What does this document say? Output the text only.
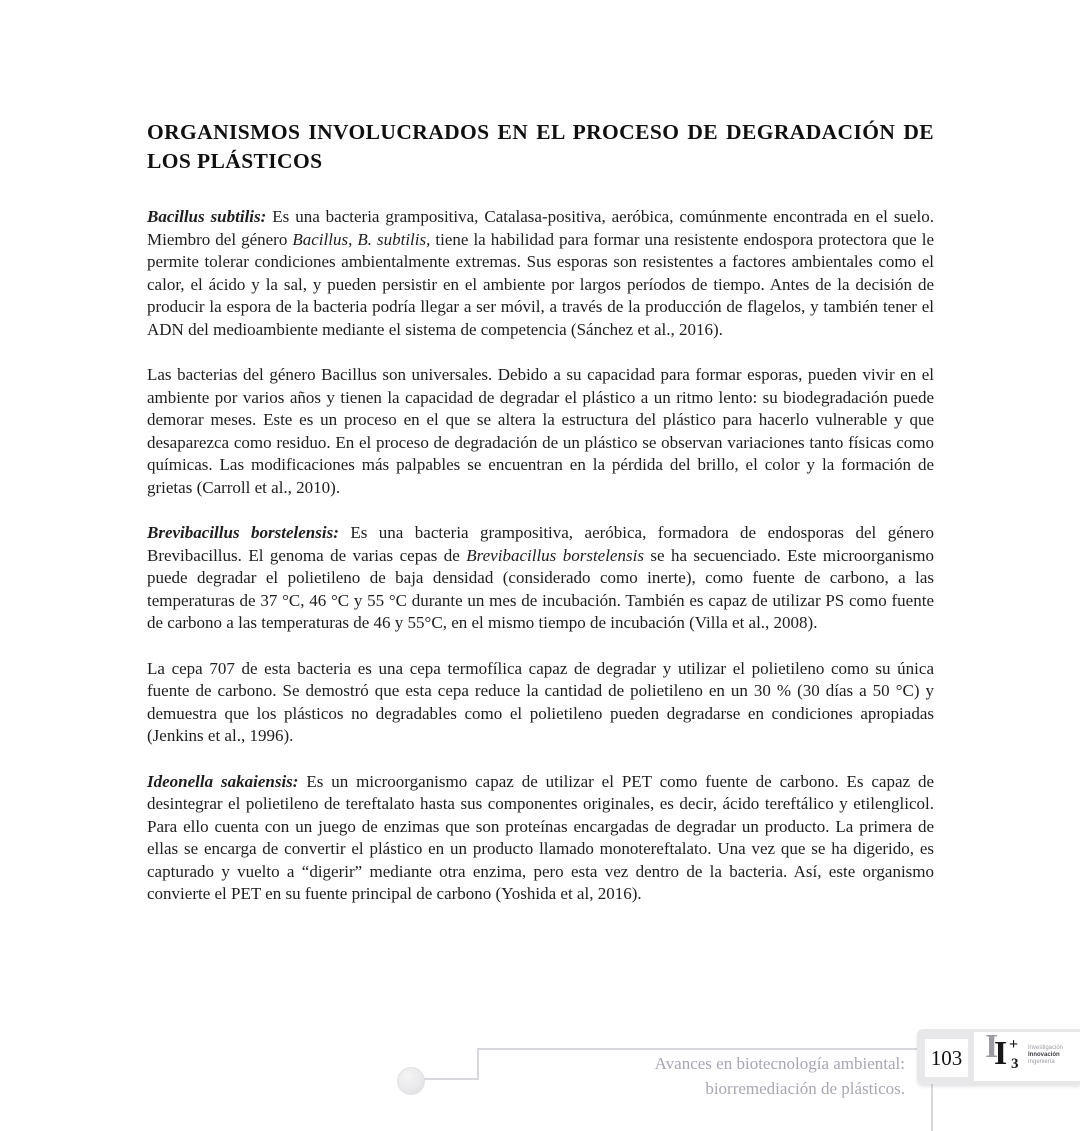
ORGANISMOS INVOLUCRADOS EN EL PROCESO DE DEGRADACIÓN DE LOS PLÁSTICOS

Bacillus subtilis: Es una bacteria grampositiva, Catalasa-positiva, aeróbica, comúnmente encontrada en el suelo. Miembro del género Bacillus, B. subtilis, tiene la habilidad para formar una resistente endospora protectora que le permite tolerar condiciones ambientalmente extremas. Sus esporas son resistentes a factores ambientales como el calor, el ácido y la sal, y pueden persistir en el ambiente por largos períodos de tiempo. Antes de la decisión de producir la espora de la bacteria podría llegar a ser móvil, a través de la producción de flagelos, y también tener el ADN del medioambiente mediante el sistema de competencia (Sánchez et al., 2016).

Las bacterias del género Bacillus son universales. Debido a su capacidad para formar esporas, pueden vivir en el ambiente por varios años y tienen la capacidad de degradar el plástico a un ritmo lento: su biodegradación puede demorar meses. Este es un proceso en el que se altera la estructura del plástico para hacerlo vulnerable y que desaparezca como residuo. En el proceso de degradación de un plástico se observan variaciones tanto físicas como químicas. Las modificaciones más palpables se encuentran en la pérdida del brillo, el color y la formación de grietas (Carroll et al., 2010).

Brevibacillus borstelensis: Es una bacteria grampositiva, aeróbica, formadora de endosporas del género Brevibacillus. El genoma de varias cepas de Brevibacillus borstelensis se ha secuenciado. Este microorganismo puede degradar el polietileno de baja densidad (considerado como inerte), como fuente de carbono, a las temperaturas de 37 °C, 46 °C y 55 °C durante un mes de incubación. También es capaz de utilizar PS como fuente de carbono a las temperaturas de 46 y 55°C, en el mismo tiempo de incubación (Villa et al., 2008).

La cepa 707 de esta bacteria es una cepa termofílica capaz de degradar y utilizar el polietileno como su única fuente de carbono. Se demostró que esta cepa reduce la cantidad de polietileno en un 30 % (30 días a 50 °C) y demuestra que los plásticos no degradables como el polietileno pueden degradarse en condiciones apropiadas (Jenkins et al., 1996).

Ideonella sakaiensis: Es un microorganismo capaz de utilizar el PET como fuente de carbono. Es capaz de desintegrar el polietileno de tereftalato hasta sus componentes originales, es decir, ácido tereftálico y etilenglicol. Para ello cuenta con un juego de enzimas que son proteínas encargadas de degradar un producto. La primera de ellas se encarga de convertir el plástico en un producto llamado monotereftalato. Una vez que se ha digerido, es capturado y vuelto a “digerir” mediante otra enzima, pero esta vez dentro de la bacteria. Así, este organismo convierte el PET en su fuente principal de carbono (Yoshida et al, 2016).

Avances en biotecnología ambiental:
biorremediación de plásticos.
103 I
I +
3
Investigación
Innovación
Ingeniería
